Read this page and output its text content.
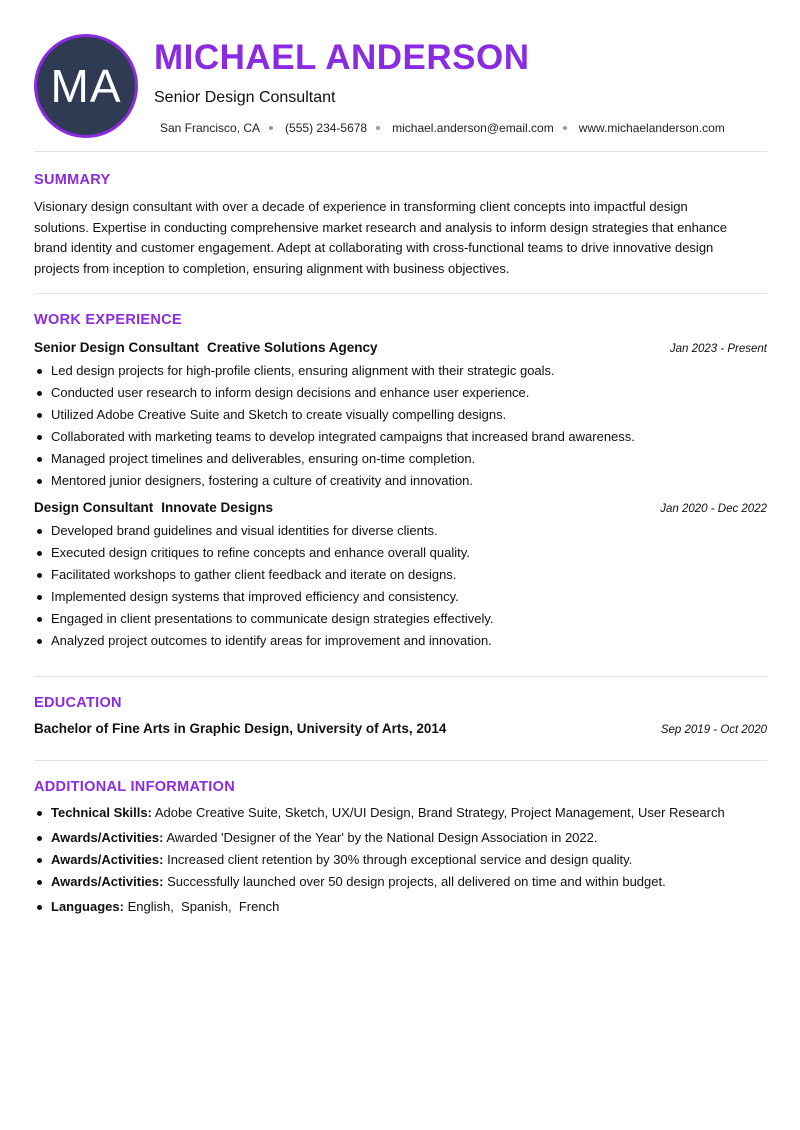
MA
MICHAEL ANDERSON
Senior Design Consultant
San Francisco, CA (555) 234-5678 michael.anderson@email.com www.michaelanderson.com
SUMMARY

Visionary design consultant with over a decade of experience in transforming client concepts into impactful design
solutions. Expertise in conducting comprehensive market research and analysis to inform design strategies that enhance
brand identity and customer engagement. Adept at collaborating with cross-functional teams to drive innovative design
projects from inception to completion, ensuring alignment with business objectives.

WORK EXPERIENCE
Senior Design Consultant Creative Solutions Agency	Jan 2023 - Present
Led design projects for high-profile clients, ensuring alignment with their strategic goals.
Conducted user research to inform design decisions and enhance user experience.
Utilized Adobe Creative Suite and Sketch to create visually compelling designs.
Collaborated with marketing teams to develop integrated campaigns that increased brand awareness.
Managed project timelines and deliverables, ensuring on-time completion.
Mentored junior designers, fostering a culture of creativity and innovation.
Design Consultant Innovate Designs	Jan 2020 - Dec 2022
Developed brand guidelines and visual identities for diverse clients.
Executed design critiques to refine concepts and enhance overall quality.
Facilitated workshops to gather client feedback and iterate on designs.
Implemented design systems that improved efficiency and consistency.
Engaged in client presentations to communicate design strategies effectively.
Analyzed project outcomes to identify areas for improvement and innovation.
EDUCATION
Bachelor of Fine Arts in Graphic Design, University of Arts, 2014	Sep 2019 - Oct 2020
ADDITIONAL INFORMATION
Technical Skills: Adobe Creative Suite, Sketch, UX/UI Design, Brand Strategy, Project Management, User Research
Awards/Activities: Awarded 'Designer of the Year' by the National Design Association in 2022.
Awards/Activities: Increased client retention by 30% through exceptional service and design quality.
Awards/Activities: Successfully launched over 50 design projects, all delivered on time and within budget.
Languages: English,  Spanish,  French
